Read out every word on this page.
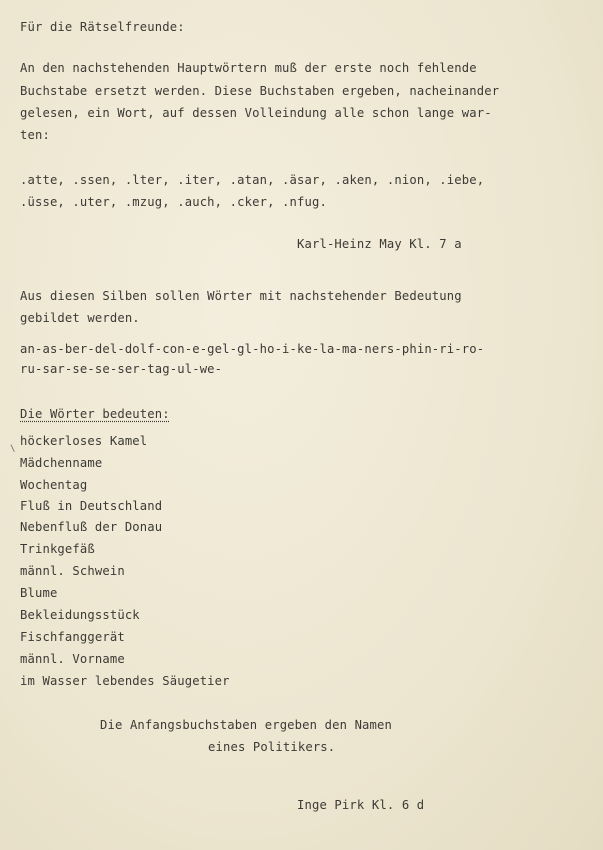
Für die Rätselfreunde:
An den nachstehenden Hauptwörtern muß der erste noch fehlende
Buchstabe ersetzt werden. Diese Buchstaben ergeben, nacheinander
gelesen, ein Wort, auf dessen Volleindung alle schon lange war-
ten:
.atte, .ssen, .lter, .iter, .atan, .äsar, .aken, .nion, .iebe,
.üsse, .uter, .mzug, .auch, .cker, .nfug.
Karl-Heinz May Kl. 7 a
Aus diesen Silben sollen Wörter mit nachstehender Bedeutung
gebildet werden.
an-as-ber-del-dolf-con-e-gel-gl-ho-i-ke-la-ma-ners-phin-ri-ro-
ru-sar-se-se-ser-tag-ul-we-
Die Wörter bedeuten:
\
höckerloses Kamel
Mädchenname
Wochentag
Fluß in Deutschland
Nebenfluß der Donau
Trinkgefäß
männl. Schwein
Blume
Bekleidungsstück
Fischfanggerät
männl. Vorname
im Wasser lebendes Säugetier
Die Anfangsbuchstaben ergeben den Namen
eines Politikers.
Inge Pirk Kl. 6 d
